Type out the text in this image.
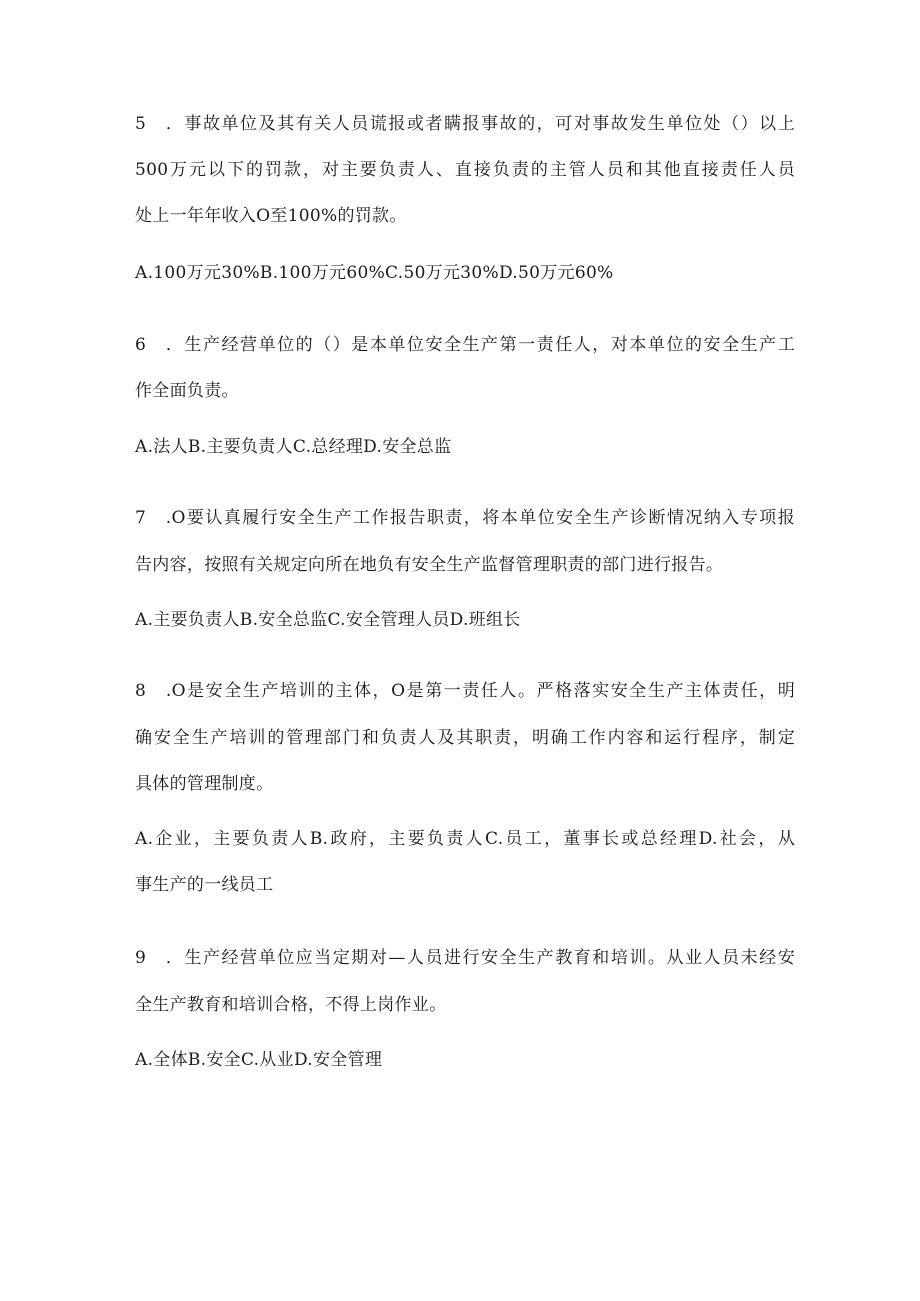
5　．事故单位及其有关人员谎报或者瞒报事故的，可对事故发生单位处（）以上
500万元以下的罚款，对主要负责人、直接负责的主管人员和其他直接责任人员
处上一年年收入O至100%的罚款。
A.100万元30%B.100万元60%C.50万元30%D.50万元60%
6　．生产经营单位的（）是本单位安全生产第一责任人，对本单位的安全生产工
作全面负责。
A.法人B.主要负责人C.总经理D.安全总监
7　.O要认真履行安全生产工作报告职责，将本单位安全生产诊断情况纳入专项报
告内容，按照有关规定向所在地负有安全生产监督管理职责的部门进行报告。
A.主要负责人B.安全总监C.安全管理人员D.班组长
8　.O是安全生产培训的主体，O是第一责任人。严格落实安全生产主体责任，明
确安全生产培训的管理部门和负责人及其职责，明确工作内容和运行程序，制定
具体的管理制度。
A.企业，主要负责人B.政府，主要负责人C.员工，董事长或总经理D.社会，从
事生产的一线员工
9　．生产经营单位应当定期对—人员进行安全生产教育和培训。从业人员未经安
全生产教育和培训合格，不得上岗作业。
A.全体B.安全C.从业D.安全管理
